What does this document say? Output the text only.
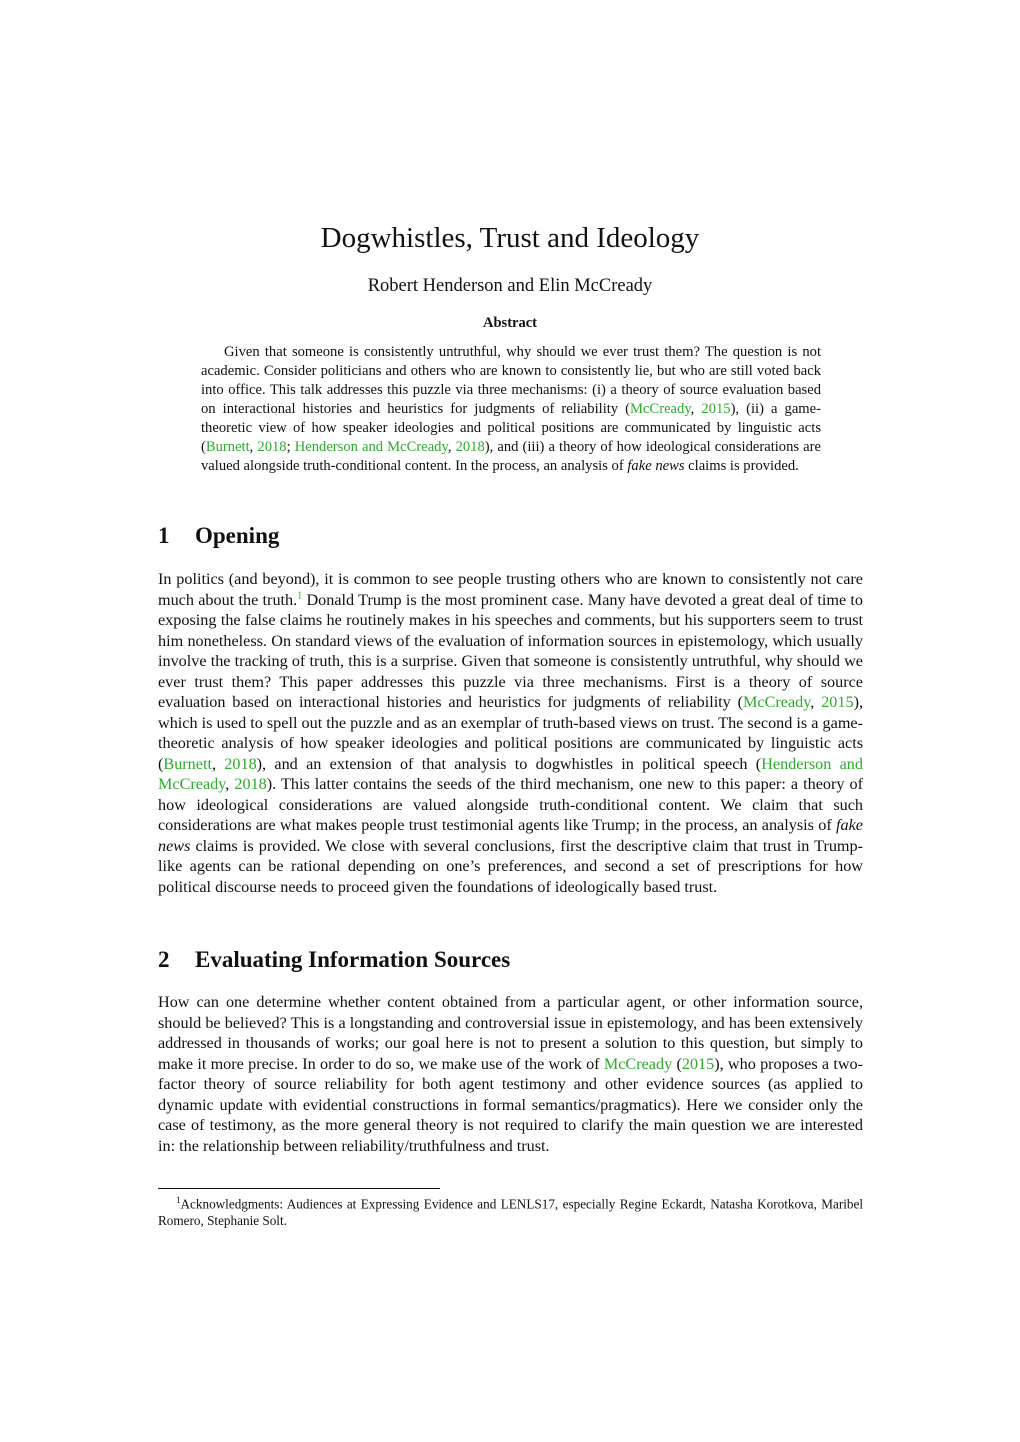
Dogwhistles, Trust and Ideology
Robert Henderson and Elin McCready
Abstract

Given that someone is consistently untruthful, why should we ever trust them? The question is not academic. Consider politicians and others who are known to consistently lie, but who are still voted back into office. This talk addresses this puzzle via three mechanisms: (i) a theory of source evaluation based on interactional histories and heuristics for judgments of reliability (McCready, 2015), (ii) a game-theoretic view of how speaker ideologies and political positions are communicated by linguistic acts (Burnett, 2018; Henderson and McCready, 2018), and (iii) a theory of how ideological considerations are valued alongside truth-conditional content. In the process, an analysis of fake news claims is provided.

1 Opening

In politics (and beyond), it is common to see people trusting others who are known to consistently not care much about the truth.$^1$ Donald Trump is the most prominent case. Many have devoted a great deal of time to exposing the false claims he routinely makes in his speeches and comments, but his supporters seem to trust him nonetheless. On standard views of the evaluation of information sources in epistemology, which usually involve the tracking of truth, this is a surprise. Given that someone is consistently untruthful, why should we ever trust them? This paper addresses this puzzle via three mechanisms. First is a theory of source evaluation based on interactional histories and heuristics for judgments of reliability (McCready, 2015), which is used to spell out the puzzle and as an exemplar of truth-based views on trust. The second is a game-theoretic analysis of how speaker ideologies and political positions are communicated by linguistic acts (Burnett, 2018), and an extension of that analysis to dogwhistles in political speech (Henderson and McCready, 2018). This latter contains the seeds of the third mechanism, one new to this paper: a theory of how ideological considerations are valued alongside truth-conditional content. We claim that such considerations are what makes people trust testimonial agents like Trump; in the process, an analysis of fake news claims is provided. We close with several conclusions, first the descriptive claim that trust in Trump-like agents can be rational depending on one’s preferences, and second a set of prescriptions for how political discourse needs to proceed given the foundations of ideologically based trust.

2 Evaluating Information Sources

How can one determine whether content obtained from a particular agent, or other information source, should be believed? This is a longstanding and controversial issue in epistemology, and has been extensively addressed in thousands of works; our goal here is not to present a solution to this question, but simply to make it more precise. In order to do so, we make use of the work of McCready (2015), who proposes a two-factor theory of source reliability for both agent testimony and other evidence sources (as applied to dynamic update with evidential constructions in formal semantics/pragmatics). Here we consider only the case of testimony, as the more general theory is not required to clarify the main question we are interested in: the relationship between reliability/truthfulness and trust.

$^1$Acknowledgments: Audiences at Expressing Evidence and LENLS17, especially Regine Eckardt, Natasha Korotkova, Maribel Romero, Stephanie Solt.
